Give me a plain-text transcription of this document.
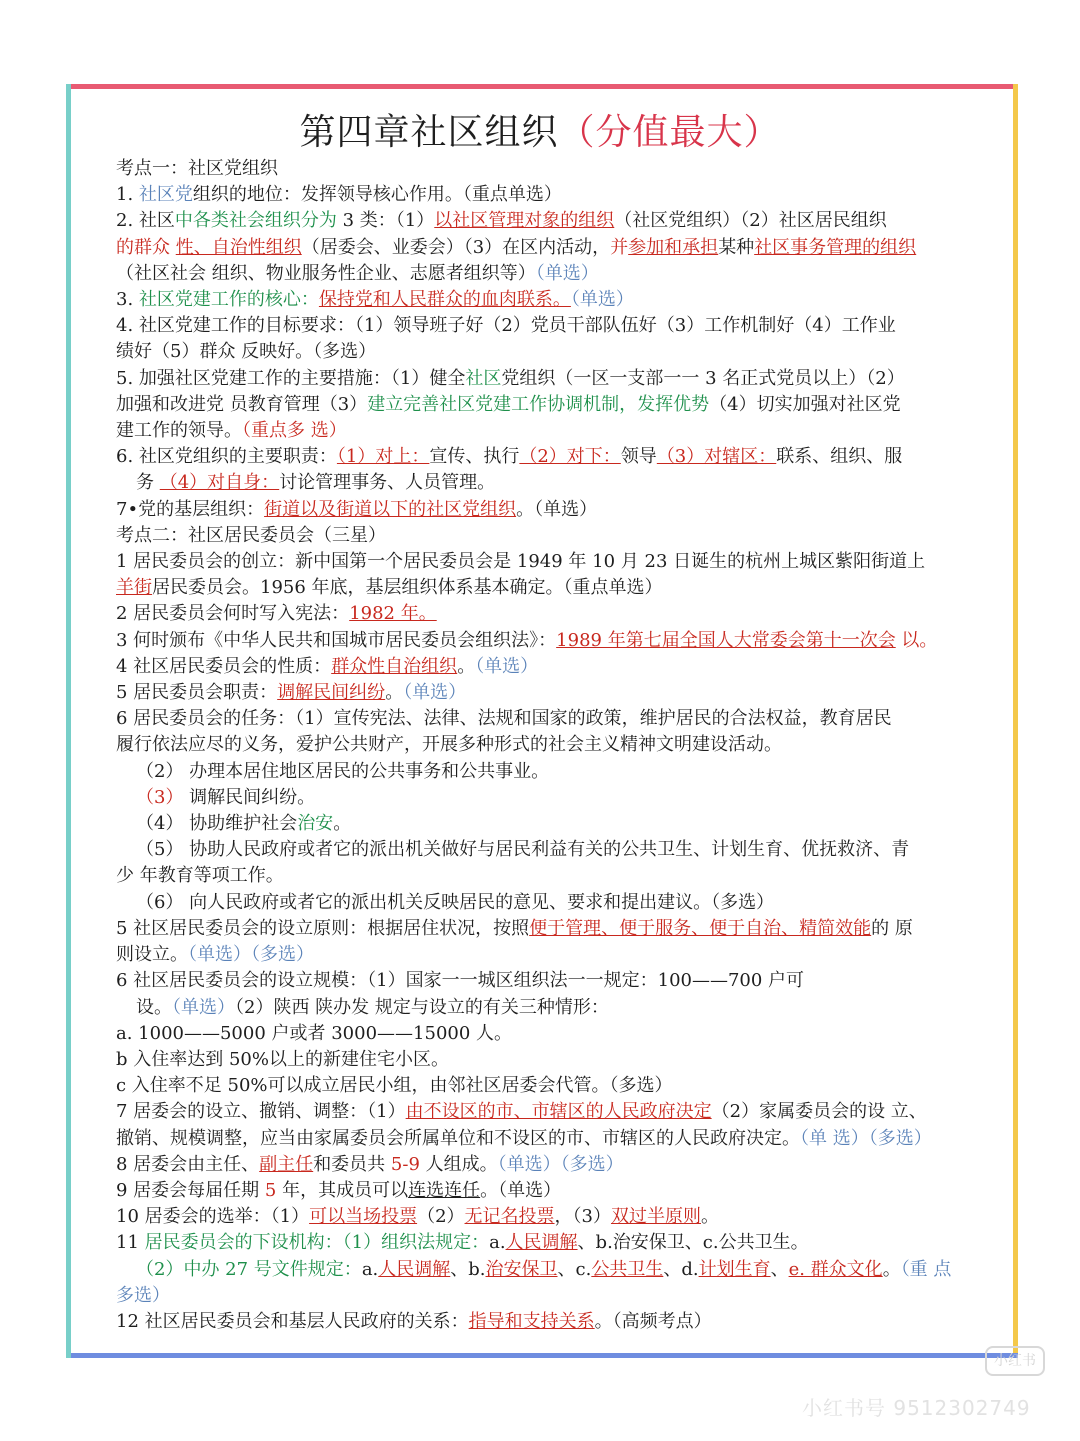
第四章社区组织（分值最大）

考点一：社区党组织

1. 社区党组织的地位：发挥领导核心作用。（重点单选）

2. 社区中各类社会组织分为 3 类：（1）以社区管理对象的组织（社区党组织）（2）社区居民组织

的群众 性、自治性组织（居委会、业委会）（3）在区内活动，并参加和承担某种社区事务管理的组织

（社区社会 组织、物业服务性企业、志愿者组织等）（单选）

3. 社区党建工作的核心：保持党和人民群众的血肉联系。（单选）

4. 社区党建工作的目标要求：（1）领导班子好（2）党员干部队伍好（3）工作机制好（4）工作业

绩好（5）群众 反映好。（多选）

5. 加强社区党建工作的主要措施：（1）健全社区党组织（一区一支部一一 3 名正式党员以上）（2）

加强和改进党 员教育管理（3）建立完善社区党建工作协调机制，发挥优势（4）切实加强对社区党

建工作的领导。（重点多 选）

6. 社区党组织的主要职责：（1）对上：宣传、执行（2）对下：领导（3）对辖区：联系、组织、服

务 （4）对自身：讨论管理事务、人员管理。

7•党的基层组织：街道以及街道以下的社区党组织。（单选）

考点二：社区居民委员会（三星）

1 居民委员会的创立：新中国第一个居民委员会是 1949 年 10 月 23 日诞生的杭州上城区紫阳街道上

羊街居民委员会。1956 年底，基层组织体系基本确定。（重点单选）

2 居民委员会何时写入宪法：1982 年。

3 何时颁布《中华人民共和国城市居民委员会组织法》：1989 年第七届全国人大常委会第十一次会 以。

4 社区居民委员会的性质：群众性自治组织。（单选）

5 居民委员会职责：调解民间纠纷。（单选）

6 居民委员会的任务：（1）宣传宪法、法律、法规和国家的政策，维护居民的合法权益，教育居民

履行依法应尽的义务，爱护公共财产，开展多种形式的社会主义精神文明建设活动。

（2） 办理本居住地区居民的公共事务和公共事业。

（3） 调解民间纠纷。

（4） 协助维护社会治安。

（5） 协助人民政府或者它的派出机关做好与居民利益有关的公共卫生、计划生育、优抚救济、青

少 年教育等项工作。

（6） 向人民政府或者它的派出机关反映居民的意见、要求和提出建议。（多选）

5 社区居民委员会的设立原则：根据居住状况，按照便于管理、便于服务、便于自治、精简效能的 原

则设立。（单选）（多选）

6 社区居民委员会的设立规模：（1）国家一一城区组织法一一规定：100——700 户可

设。（单选）（2）陕西 陕办发 规定与设立的有关三种情形：

a. 1000——5000 户或者 3000——15000 人。

b 入住率达到 50%以上的新建住宅小区。

c 入住率不足 50%可以成立居民小组，由邻社区居委会代管。（多选）

7 居委会的设立、撤销、调整：（1）由不设区的市、市辖区的人民政府决定（2）家属委员会的设 立、

撤销、规模调整，应当由家属委员会所属单位和不设区的市、市辖区的人民政府决定。（单 选）（多选）

8 居委会由主任、副主任和委员共 5-9 人组成。（单选）（多选）

9 居委会每届任期 5 年，其成员可以连选连任。（单选）

10 居委会的选举：（1）可以当场投票（2）无记名投票，（3）双过半原则。

11 居民委员会的下设机构：（1）组织法规定：a.人民调解、b.治安保卫、c.公共卫生。

（2）中办 27 号文件规定：a.人民调解、b.治安保卫、c.公共卫生、d.计划生育、e. 群众文化。（重 点

多选）

12 社区居民委员会和基层人民政府的关系：指导和支持关系。（高频考点）

小红书
小红书号 9512302749
